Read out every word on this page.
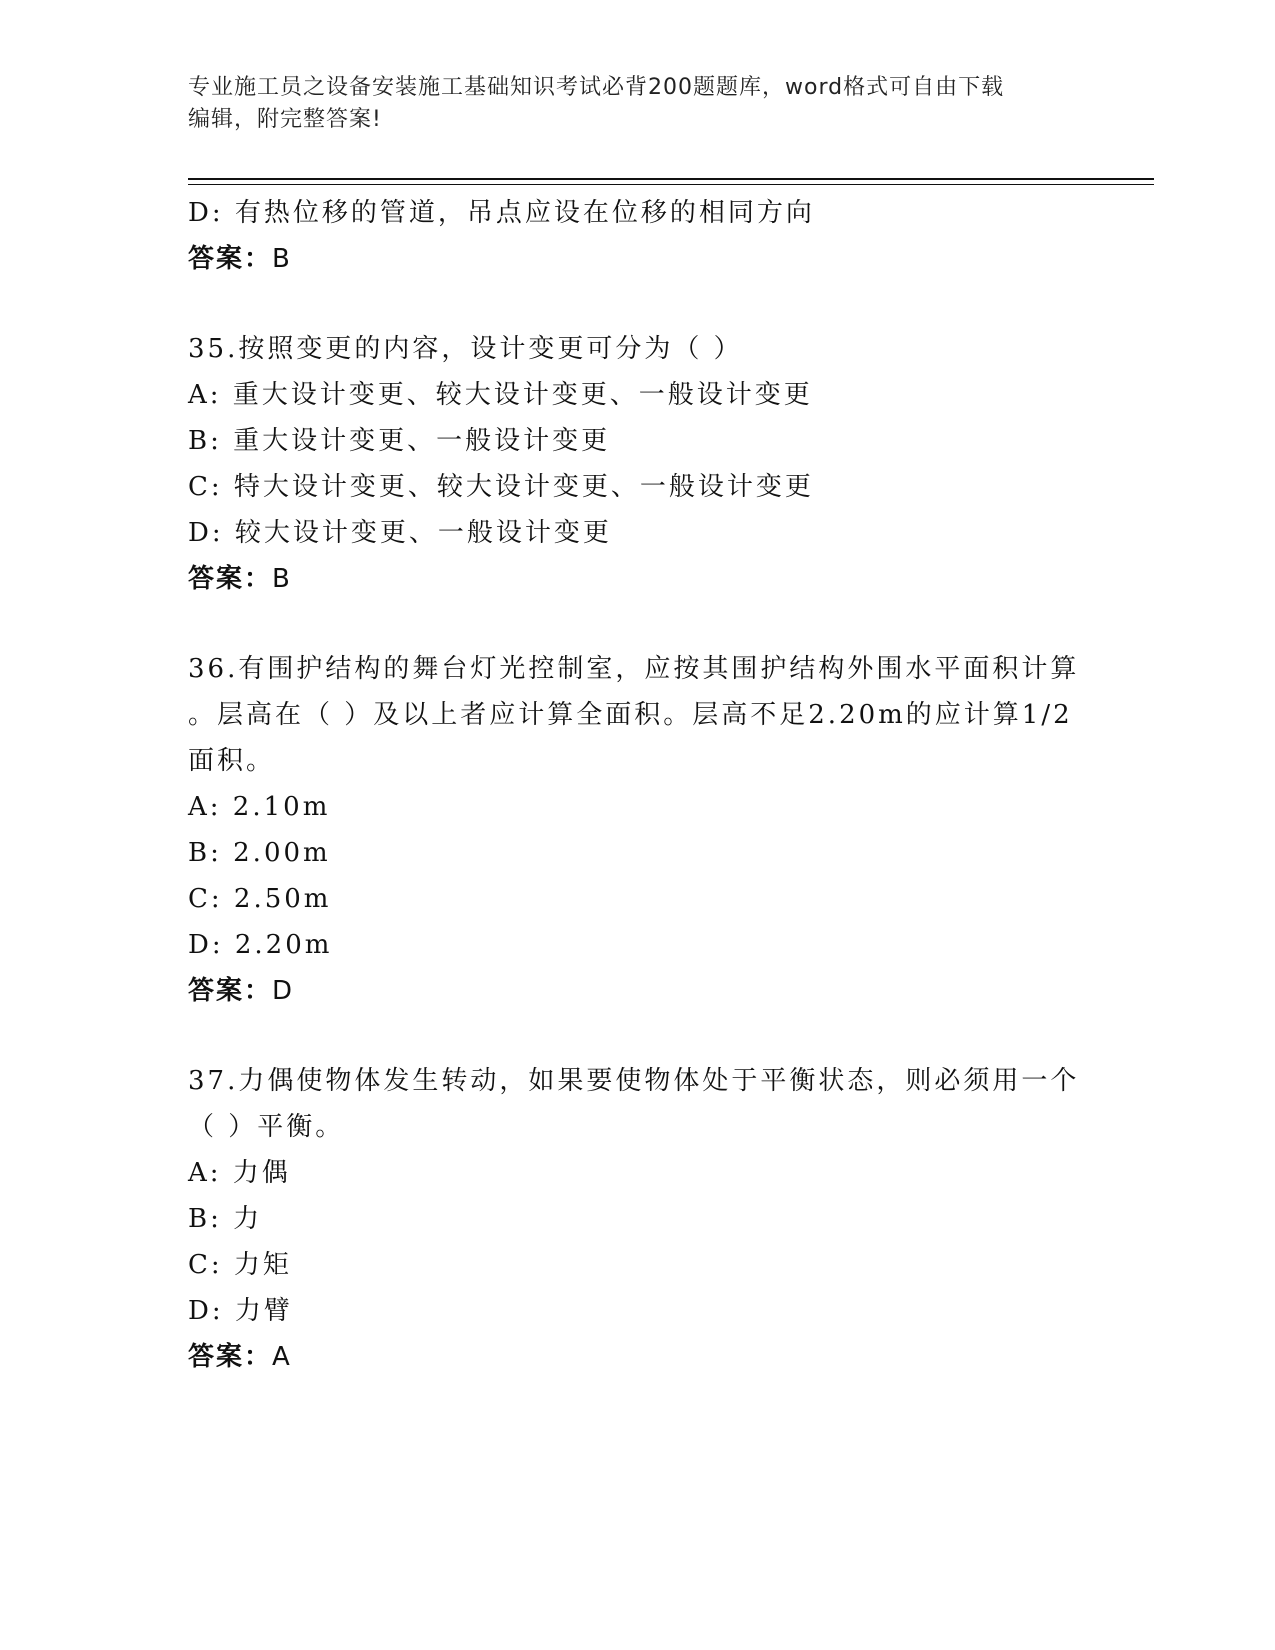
专业施工员之设备安装施工基础知识考试必背200题题库，word格式可自由下载
编辑，附完整答案!
D: 有热位移的管道，吊点应设在位移的相同方向
答案：B
35.按照变更的内容，设计变更可分为（ ）
A: 重大设计变更、较大设计变更、一般设计变更
B: 重大设计变更、一般设计变更
C: 特大设计变更、较大设计变更、一般设计变更
D: 较大设计变更、一般设计变更
答案：B
36.有围护结构的舞台灯光控制室，应按其围护结构外围水平面积计算
。层高在（ ）及以上者应计算全面积。层高不足2.20m的应计算1/2
面积。
A: 2.10m
B: 2.00m
C: 2.50m
D: 2.20m
答案：D
37.力偶使物体发生转动，如果要使物体处于平衡状态，则必须用一个
（ ）平衡。
A: 力偶
B: 力
C: 力矩
D: 力臂
答案：A
